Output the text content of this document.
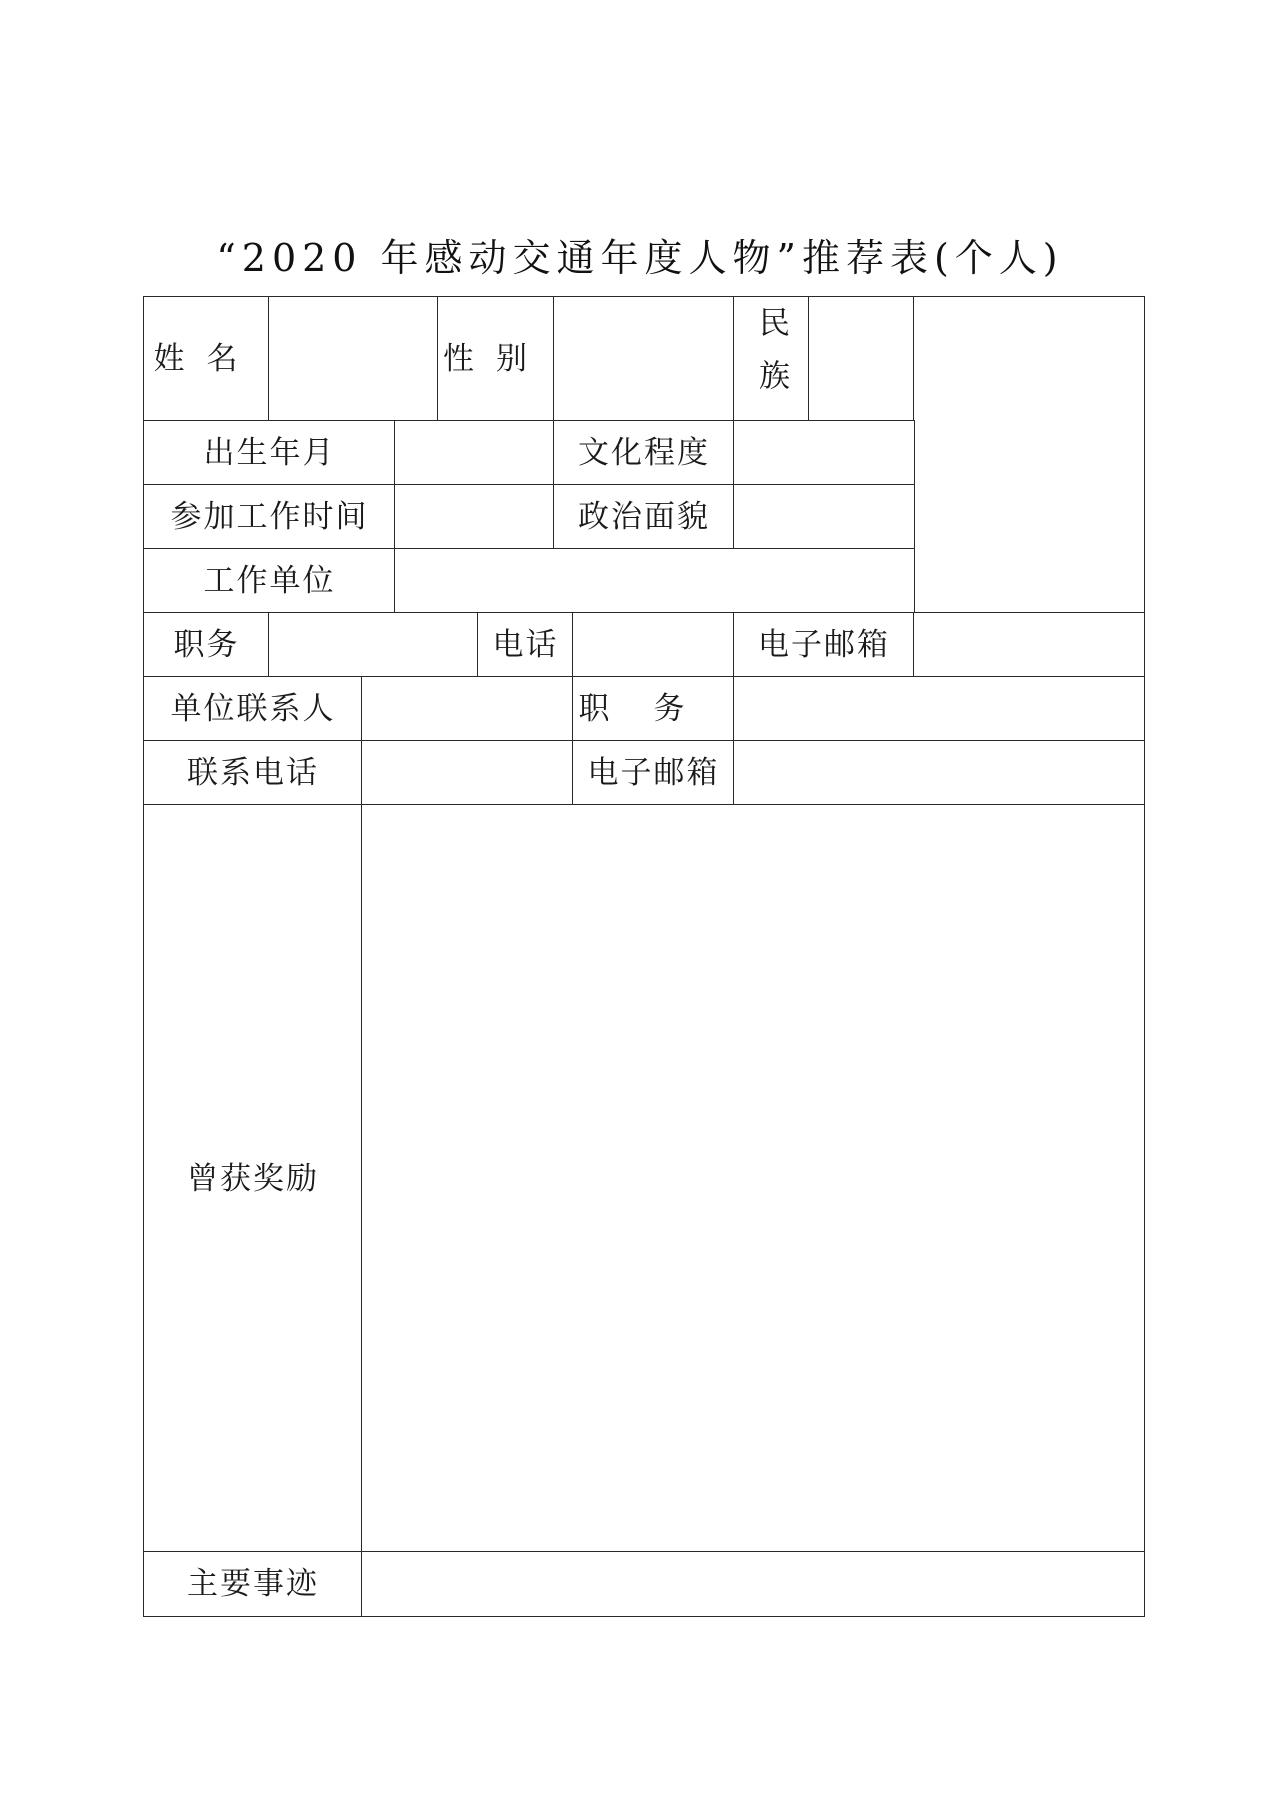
“2020 年感动交通年度人物”推荐表(个人)
姓名	性别	民族
出生年月	文化程度
参加工作时间	政治面貌
工作单位
职务	电话	电子邮箱
单位联系人	职务
联系电话	电子邮箱
曾获奖励
主要事迹
